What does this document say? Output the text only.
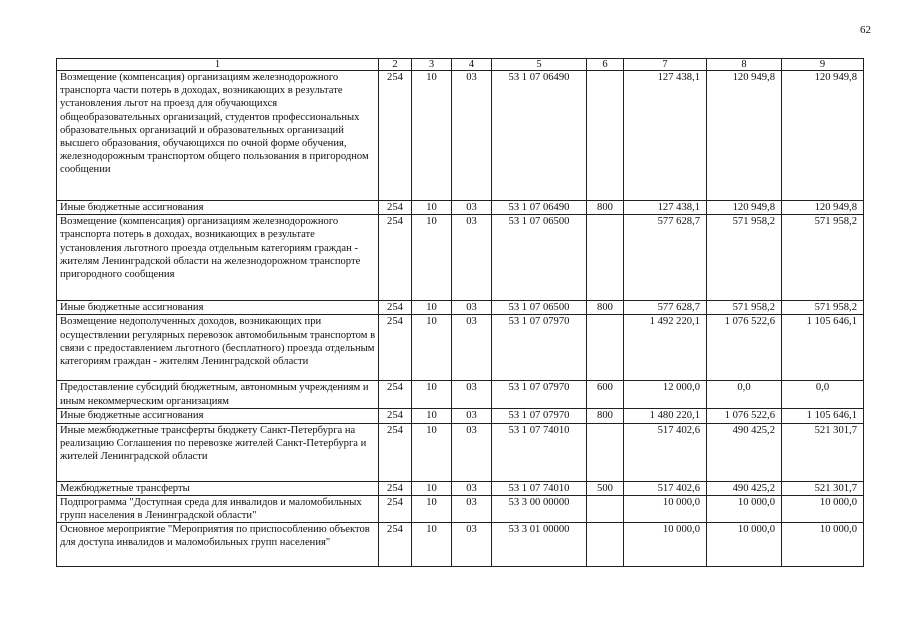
62
1	2	3	4	5	6	7	8	9
Возмещение (компенсация) организациям железнодорожного транспорта части потерь в доходах, возникающих в результате установления льгот на проезд для обучающихся общеобразовательных организаций, студентов профессиональных образовательных организаций и образовательных организаций высшего образования, обучающихся по очной форме обучения, железнодорожным транспортом общего пользования в пригородном сообщении	254	10	03	53 1 07 06490		127 438,1	120 949,8	120 949,8
Иные бюджетные ассигнования	254	10	03	53 1 07 06490	800	127 438,1	120 949,8	120 949,8
Возмещение (компенсация) организациям железнодорожного транспорта потерь в доходах, возникающих в результате установления льготного проезда отдельным категориям граждан - жителям Ленинградской области на железнодорожном транспорте пригородного сообщения	254	10	03	53 1 07 06500		577 628,7	571 958,2	571 958,2
Иные бюджетные ассигнования	254	10	03	53 1 07 06500	800	577 628,7	571 958,2	571 958,2
Возмещение недополученных доходов, возникающих при осуществлении регулярных перевозок автомобильным транспортом в связи с предоставлением льготного (бесплатного) проезда отдельным категориям граждан - жителям Ленинградской области	254	10	03	53 1 07 07970		1 492 220,1	1 076 522,6	1 105 646,1
Предоставление субсидий бюджетным, автономным учреждениям и иным некоммерческим организациям	254	10	03	53 1 07 07970	600	12 000,0	0,0	0,0
Иные бюджетные ассигнования	254	10	03	53 1 07 07970	800	1 480 220,1	1 076 522,6	1 105 646,1
Иные межбюджетные трансферты бюджету Санкт-Петербурга на реализацию Соглашения по перевозке жителей Санкт-Петербурга и жителей Ленинградской области	254	10	03	53 1 07 74010		517 402,6	490 425,2	521 301,7
Межбюджетные трансферты	254	10	03	53 1 07 74010	500	517 402,6	490 425,2	521 301,7
Подпрограмма "Доступная среда для инвалидов и маломобильных групп населения в Ленинградской области"	254	10	03	53 3 00 00000		10 000,0	10 000,0	10 000,0
Основное мероприятие "Мероприятия по приспособлению объектов для доступа инвалидов и маломобильных групп населения"	254	10	03	53 3 01 00000		10 000,0	10 000,0	10 000,0
